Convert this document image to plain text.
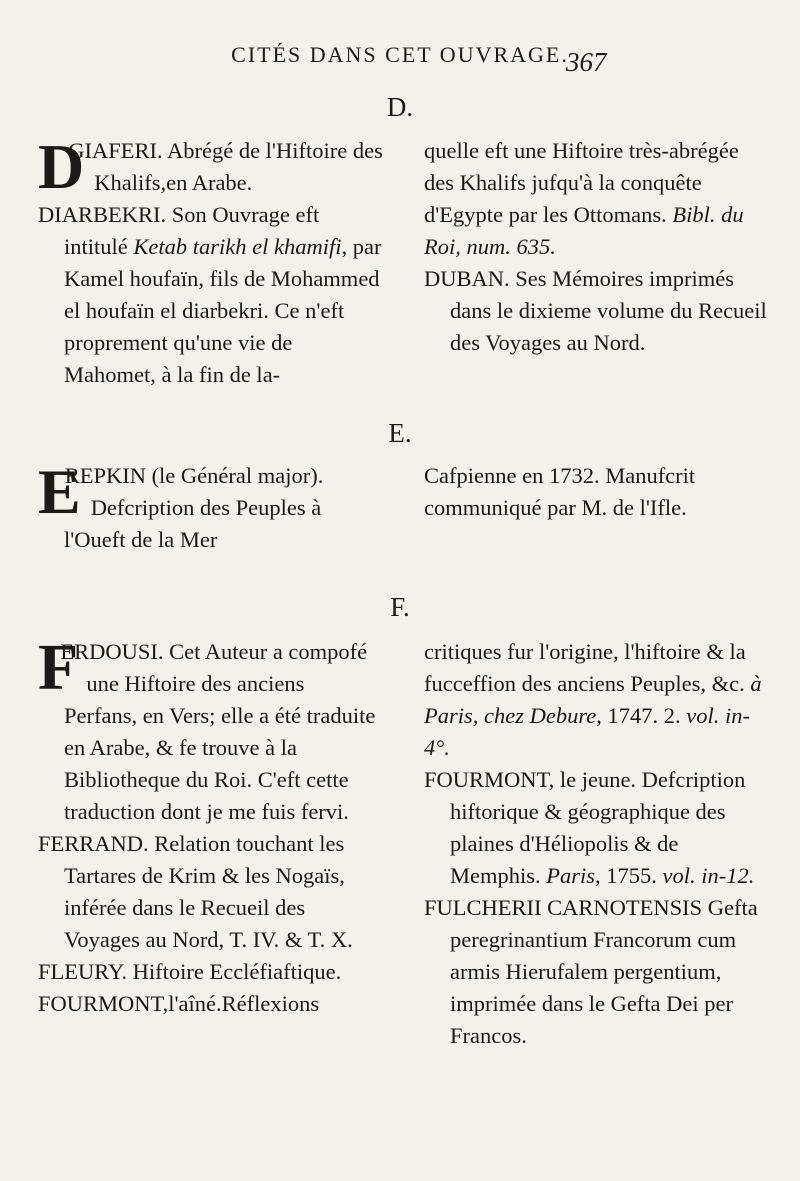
CITÉS DANS CET OUVRAGE.
367
D.

D
GIAFERI. Abrégé de l'Hiftoire des Khalifs,en Arabe.

DIARBEKRI. Son Ouvrage eft intitulé Ketab tarikh el khamifi, par Kamel houfaïn, fils de Mohammed el houfaïn el diarbekri. Ce n'eft proprement qu'une vie de Mahomet, à la fin de la-

quelle eft une Hiftoire très-abrégée des Khalifs jufqu'à la conquête d'Egypte par les Ottomans. Bibl. du Roi, num. 635.

DUBAN. Ses Mémoires imprimés dans le dixieme volume du Recueil des Voyages au Nord.

E.

E
REPKIN (le Général major). Defcription des Peuples à l'Oueft de la Mer

Cafpienne en 1732. Manufcrit communiqué par M. de l'Ifle.

F.

F
ERDOUSI. Cet Auteur a compofé une Hiftoire des anciens Perfans, en Vers; elle a été traduite en Arabe, & fe trouve à la Bibliotheque du Roi. C'eft cette traduction dont je me fuis fervi.

FERRAND. Relation touchant les Tartares de Krim & les Nogaïs, inférée dans le Recueil des Voyages au Nord, T. IV. & T. X.

FLEURY. Hiftoire Eccléfiaftique.

FOURMONT,l'aîné.Réflexions

critiques fur l'origine, l'hiftoire & la fucceffion des anciens Peuples, &c. à Paris, chez Debure, 1747. 2. vol. in-4°.

FOURMONT, le jeune. Defcription hiftorique & géographique des plaines d'Héliopolis & de Memphis. Paris, 1755. vol. in-12.

FULCHERII CARNOTENSIS Gefta peregrinantium Francorum cum armis Hierufalem pergentium, imprimée dans le Gefta Dei per Francos.
